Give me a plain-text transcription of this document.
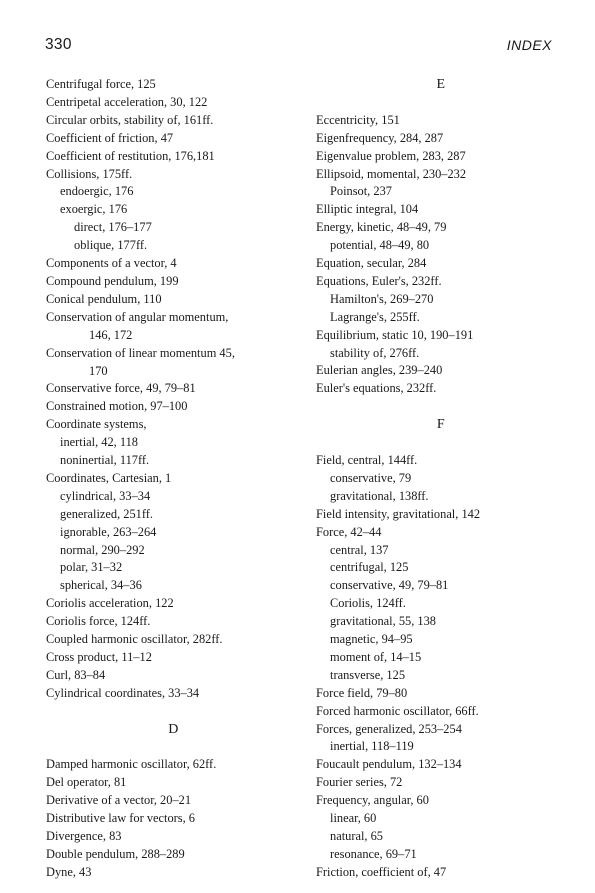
330	INDEX
Centrifugal force, 125
Centripetal acceleration, 30, 122
Circular orbits, stability of, 161ff.
Coefficient of friction, 47
Coefficient of restitution, 176,181
Collisions, 175ff.
endoergic, 176
exoergic, 176
direct, 176–177
oblique, 177ff.
Components of a vector, 4
Compound pendulum, 199
Conical pendulum, 110
Conservation of angular momentum,
146, 172
Conservation of linear momentum 45,
170
Conservative force, 49, 79–81
Constrained motion, 97–100
Coordinate systems,
inertial, 42, 118
noninertial, 117ff.
Coordinates, Cartesian, 1
cylindrical, 33–34
generalized, 251ff.
ignorable, 263–264
normal, 290–292
polar, 31–32
spherical, 34–36
Coriolis acceleration, 122
Coriolis force, 124ff.
Coupled harmonic oscillator, 282ff.
Cross product, 11–12
Curl, 83–84
Cylindrical coordinates, 33–34
D
Damped harmonic oscillator, 62ff.
Del operator, 81
Derivative of a vector, 20–21
Distributive law for vectors, 6
Divergence, 83
Double pendulum, 288–289
Dyne, 43
E
Eccentricity, 151
Eigenfrequency, 284, 287
Eigenvalue problem, 283, 287
Ellipsoid, momental, 230–232
Poinsot, 237
Elliptic integral, 104
Energy, kinetic, 48–49, 79
potential, 48–49, 80
Equation, secular, 284
Equations, Euler's, 232ff.
Hamilton's, 269–270
Lagrange's, 255ff.
Equilibrium, static 10, 190–191
stability of, 276ff.
Eulerian angles, 239–240
Euler's equations, 232ff.
F
Field, central, 144ff.
conservative, 79
gravitational, 138ff.
Field intensity, gravitational, 142
Force, 42–44
central, 137
centrifugal, 125
conservative, 49, 79–81
Coriolis, 124ff.
gravitational, 55, 138
magnetic, 94–95
moment of, 14–15
transverse, 125
Force field, 79–80
Forced harmonic oscillator, 66ff.
Forces, generalized, 253–254
inertial, 118–119
Foucault pendulum, 132–134
Fourier series, 72
Frequency, angular, 60
linear, 60
natural, 65
resonance, 69–71
Friction, coefficient of, 47
